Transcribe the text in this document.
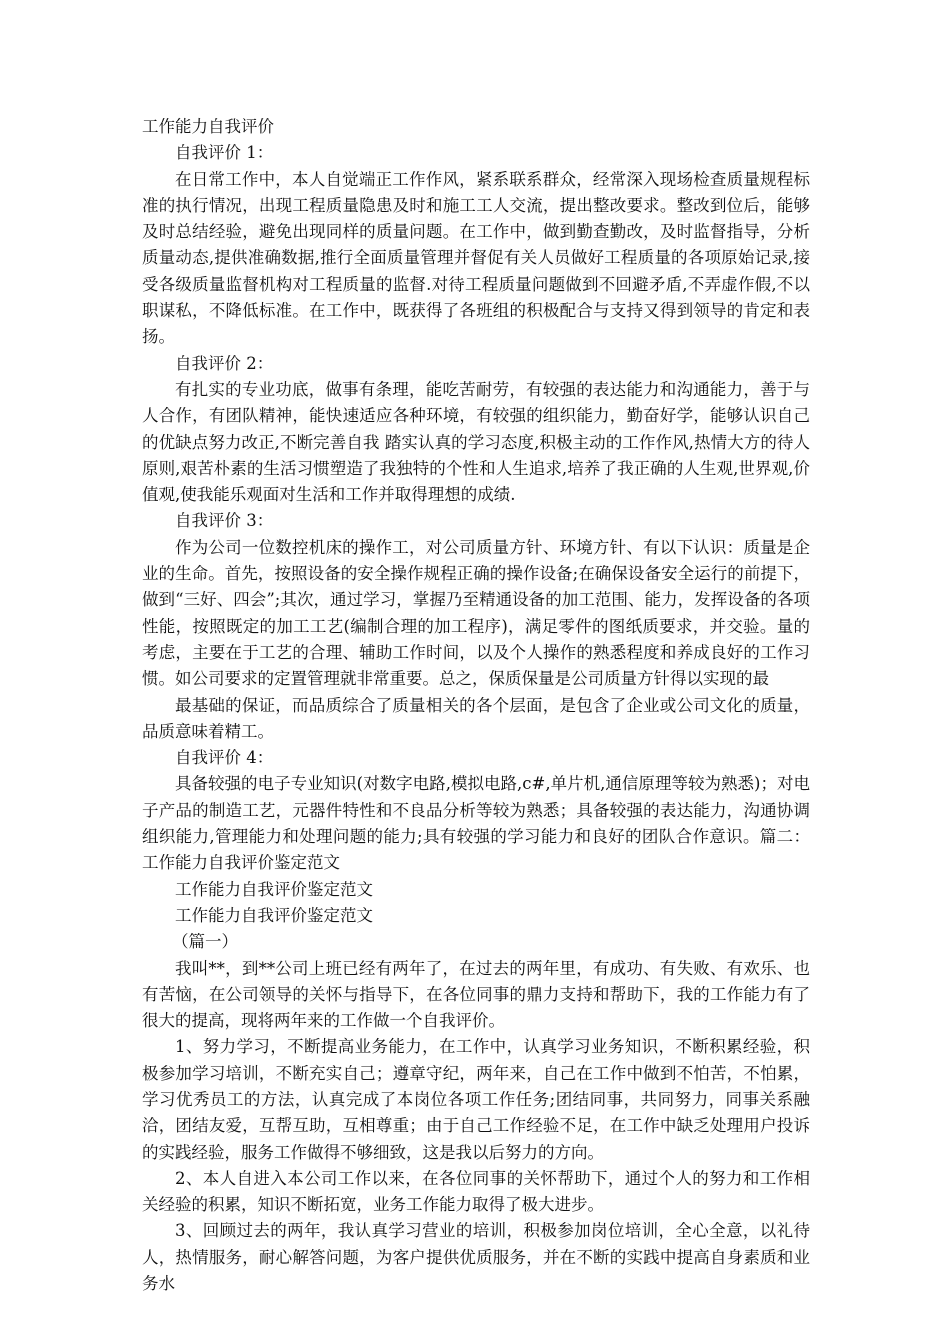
工作能力自我评价

自我评价 1：

在日常工作中，本人自觉端正工作作风，紧系联系群众，经常深入现场检查质量规程标准的执行情况，出现工程质量隐患及时和施工工人交流，提出整改要求。整改到位后，能够及时总结经验，避免出现同样的质量问题。在工作中，做到勤查勤改，及时监督指导，分析质量动态,提供准确数据,推行全面质量管理并督促有关人员做好工程质量的各项原始记录,接受各级质量监督机构对工程质量的监督.对待工程质量问题做到不回避矛盾,不弄虚作假,不以职谋私，不降低标准。在工作中，既获得了各班组的积极配合与支持又得到领导的肯定和表扬。

自我评价 2：

有扎实的专业功底，做事有条理，能吃苦耐劳，有较强的表达能力和沟通能力，善于与人合作，有团队精神，能快速适应各种环境，有较强的组织能力，勤奋好学，能够认识自己的优缺点努力改正,不断完善自我 踏实认真的学习态度,积极主动的工作作风,热情大方的待人原则,艰苦朴素的生活习惯塑造了我独特的个性和人生追求,培养了我正确的人生观,世界观,价值观,使我能乐观面对生活和工作并取得理想的成绩.

自我评价 3：

作为公司一位数控机床的操作工，对公司质量方针、环境方针、有以下认识：质量是企业的生命。首先，按照设备的安全操作规程正确的操作设备;在确保设备安全运行的前提下，做到“三好、四会”;其次，通过学习，掌握乃至精通设备的加工范围、能力，发挥设备的各项性能，按照既定的加工工艺(编制合理的加工程序)，满足零件的图纸质要求，并交验。量的考虑，主要在于工艺的合理、辅助工作时间，以及个人操作的熟悉程度和养成良好的工作习惯。如公司要求的定置管理就非常重要。总之，保质保量是公司质量方针得以实现的最

最基础的保证，而品质综合了质量相关的各个层面，是包含了企业或公司文化的质量，品质意味着精工。

自我评价 4：

具备较强的电子专业知识(对数字电路,模拟电路,c#,单片机,通信原理等较为熟悉)；对电子产品的制造工艺，元器件特性和不良品分析等较为熟悉；具备较强的表达能力，沟通协调组织能力,管理能力和处理问题的能力;具有较强的学习能力和良好的团队合作意识。篇二：工作能力自我评价鉴定范文

工作能力自我评价鉴定范文

工作能力自我评价鉴定范文

（篇一）

我叫**，到**公司上班已经有两年了，在过去的两年里，有成功、有失败、有欢乐、也有苦恼，在公司领导的关怀与指导下，在各位同事的鼎力支持和帮助下，我的工作能力有了很大的提高，现将两年来的工作做一个自我评价。

1、努力学习，不断提高业务能力，在工作中，认真学习业务知识，不断积累经验，积极参加学习培训，不断充实自己；遵章守纪，两年来，自己在工作中做到不怕苦，不怕累，学习优秀员工的方法，认真完成了本岗位各项工作任务;团结同事，共同努力，同事关系融洽，团结友爱，互帮互助，互相尊重；由于自己工作经验不足，在工作中缺乏处理用户投诉的实践经验，服务工作做得不够细致，这是我以后努力的方向。

2、本人自进入本公司工作以来，在各位同事的关怀帮助下，通过个人的努力和工作相关经验的积累，知识不断拓宽，业务工作能力取得了极大进步。

3、回顾过去的两年，我认真学习营业的培训，积极参加岗位培训，全心全意，以礼待人，热情服务，耐心解答问题，为客户提供优质服务，并在不断的实践中提高自身素质和业务水
